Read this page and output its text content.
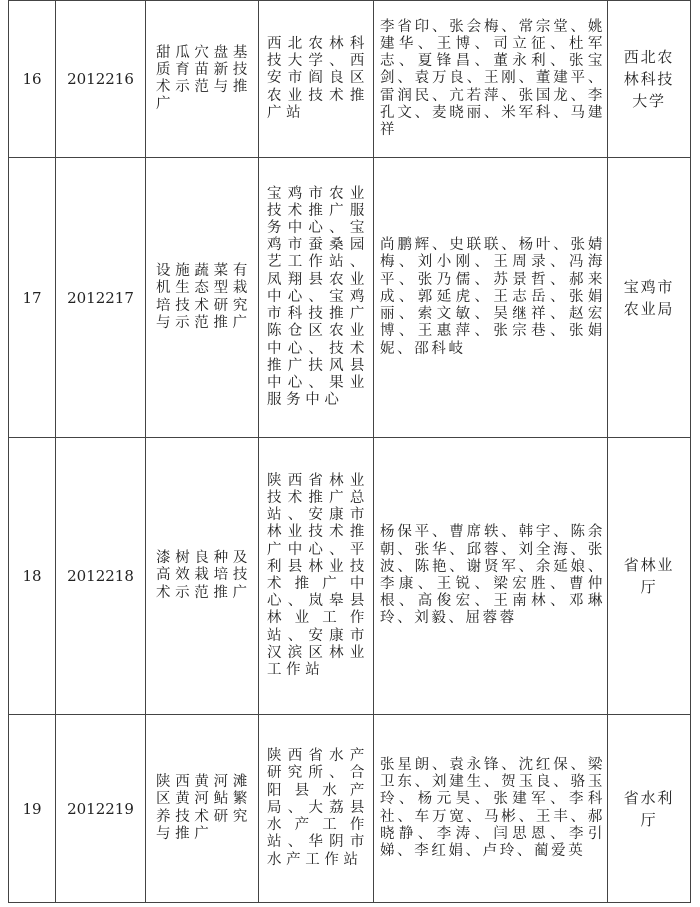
16	2012216	甜瓜穴盘基质育苗新技术示范与推广	西北农林科技大学、西安市阎良区农业技术推广站	李省印、张会梅、常宗堂、姚建华、王博、司立征、杜军志、夏锋昌、董永利、张宝剑、袁万良、王刚、董建平、雷润民、亢若萍、张国龙、李孔文、麦晓丽、米军科、马建祥	西北农林科技大学

17	2012217	设施蔬菜有机生态型栽培技术研究与示范推广	宝鸡市农业技术推广服务中心、宝鸡市蚕桑园艺工作站、凤翔县农业中心、宝鸡市科技推广陈仓区农业中心、技术推广扶风县中心、果业服务中心	尚鹏辉、史联联、杨叶、张婧梅、刘小刚、王周录、冯海平、张乃儒、苏景哲、郝来成、郭延虎、王志岳、张娟丽、索文敏、吴继祥、赵宏博、王惠萍、张宗巷、张娟妮、邵科岐	宝鸡市农业局

18	2012218	漆树良种及高效栽培技术示范推广	陕西省林业技术推广总站、安康市林业技术推广中心、平利县林业技术推广中心、岚皋县林业工作站、安康市汉滨区林业工作站	杨保平、曹席轶、韩宇、陈余朝、张华、邱蓉、刘全海、张波、陈艳、谢贤军、余延娘、李康、王锐、梁宏胜、曹仲根、高俊宏、王南林、邓琳玲、刘毅、屈蓉蓉	省林业厅

19	2012219	陕西黄河滩区黄河鲇繁养技术研究与推广	陕西省水产研究所、合阳县水产局、大荔县水产工作站、华阴市水产工作站	张星朗、袁永锋、沈红保、梁卫东、刘建生、贺玉良、骆玉玲、杨元昊、张建军、李科社、车万宽、马彬、王丰、郝晓静、李涛、闫思恩、李引娣、李红娟、卢玲、蔺爱英	省水利厅
